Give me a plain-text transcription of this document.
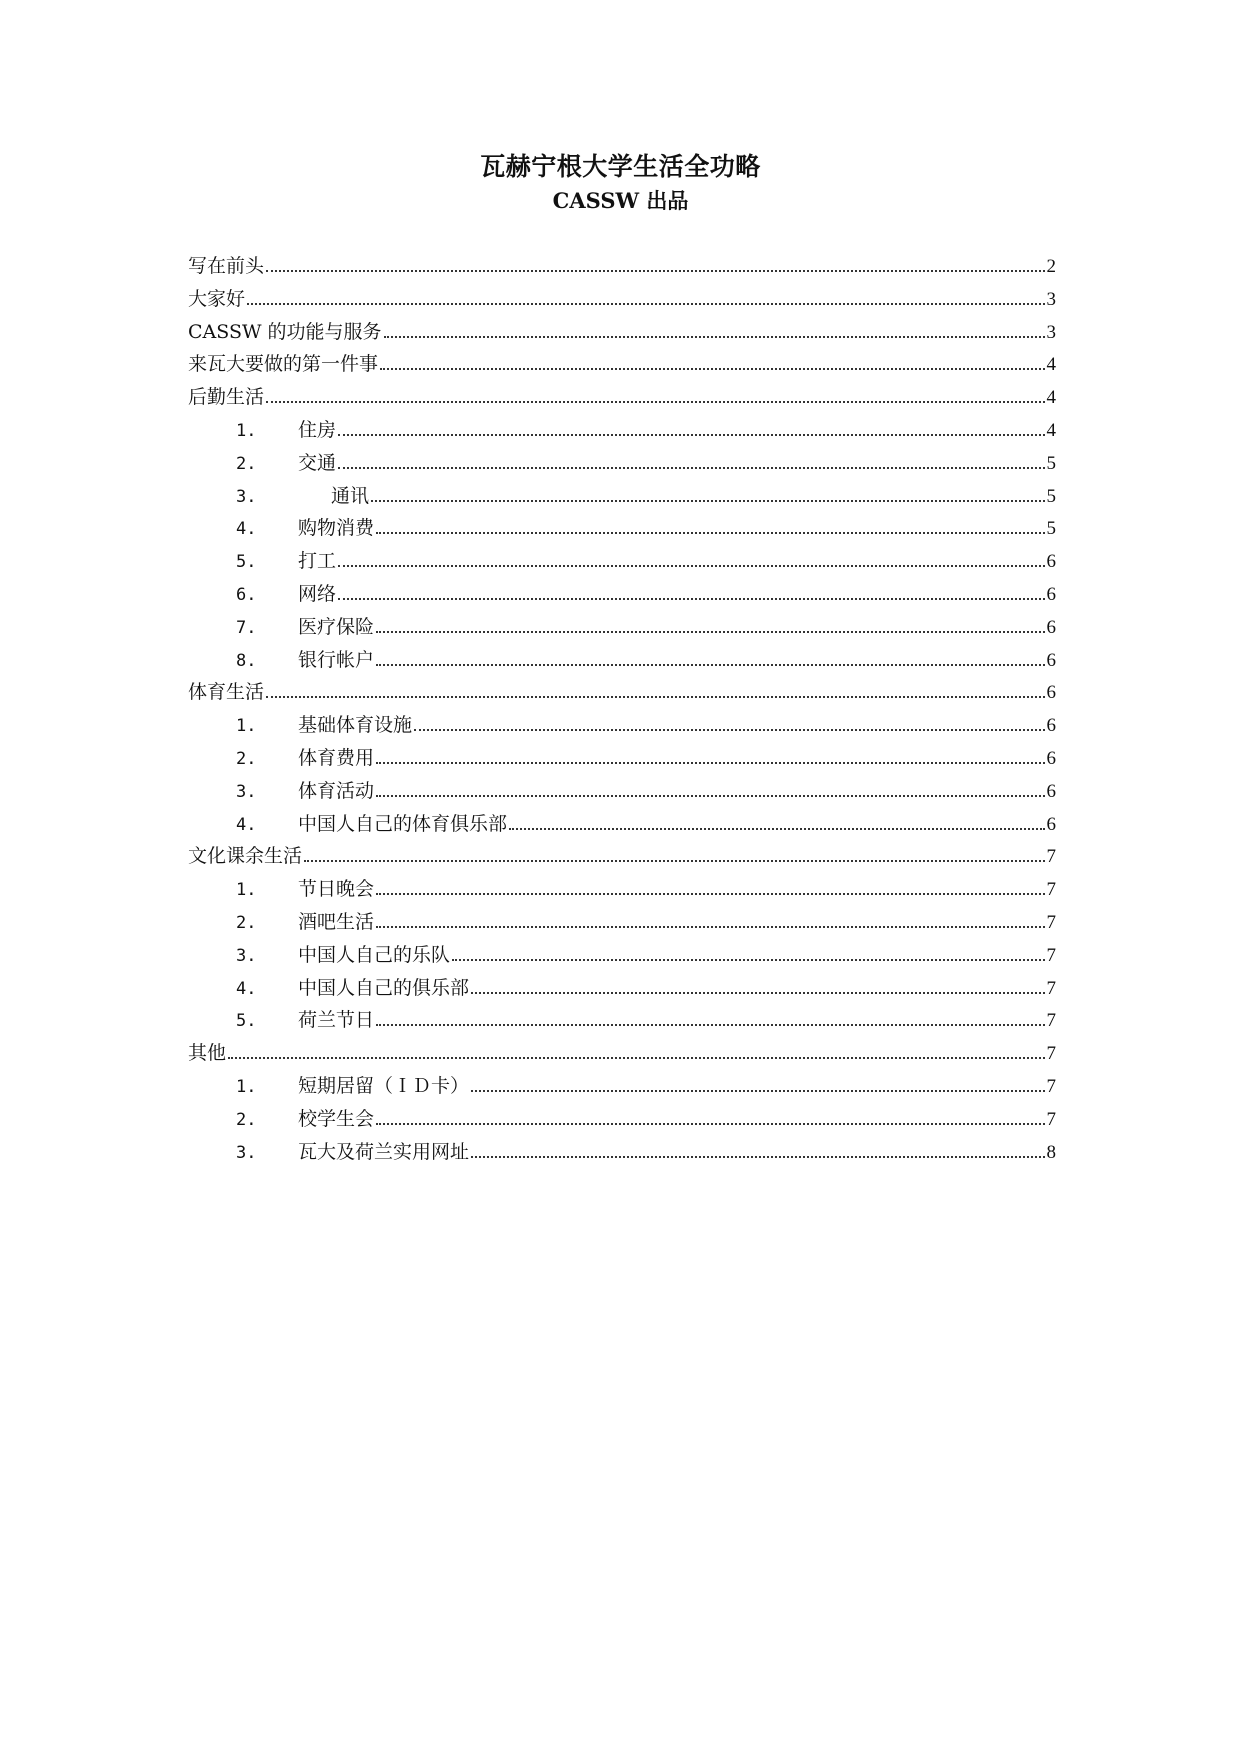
瓦赫宁根大学生活全功略
CASSW 出品
写在前头	2
大家好	3
CASSW 的功能与服务	3
来瓦大要做的第一件事	4
后勤生活	4
1.	住房	4
2.	交通	5
3.	通讯	5
4.	购物消费	5
5.	打工	6
6.	网络	6
7.	医疗保险	6
8.	银行帐户	6
体育生活	6
1.	基础体育设施	6
2.	体育费用	6
3.	体育活动	6
4.	中国人自己的体育俱乐部	6
文化课余生活	7
1.	节日晚会	7
2.	酒吧生活	7
3.	中国人自己的乐队	7
4.	中国人自己的俱乐部	7
5.	荷兰节日	7
其他	7
1.	短期居留（ＩＤ卡）	7
2.	校学生会	7
3.	瓦大及荷兰实用网址	8
